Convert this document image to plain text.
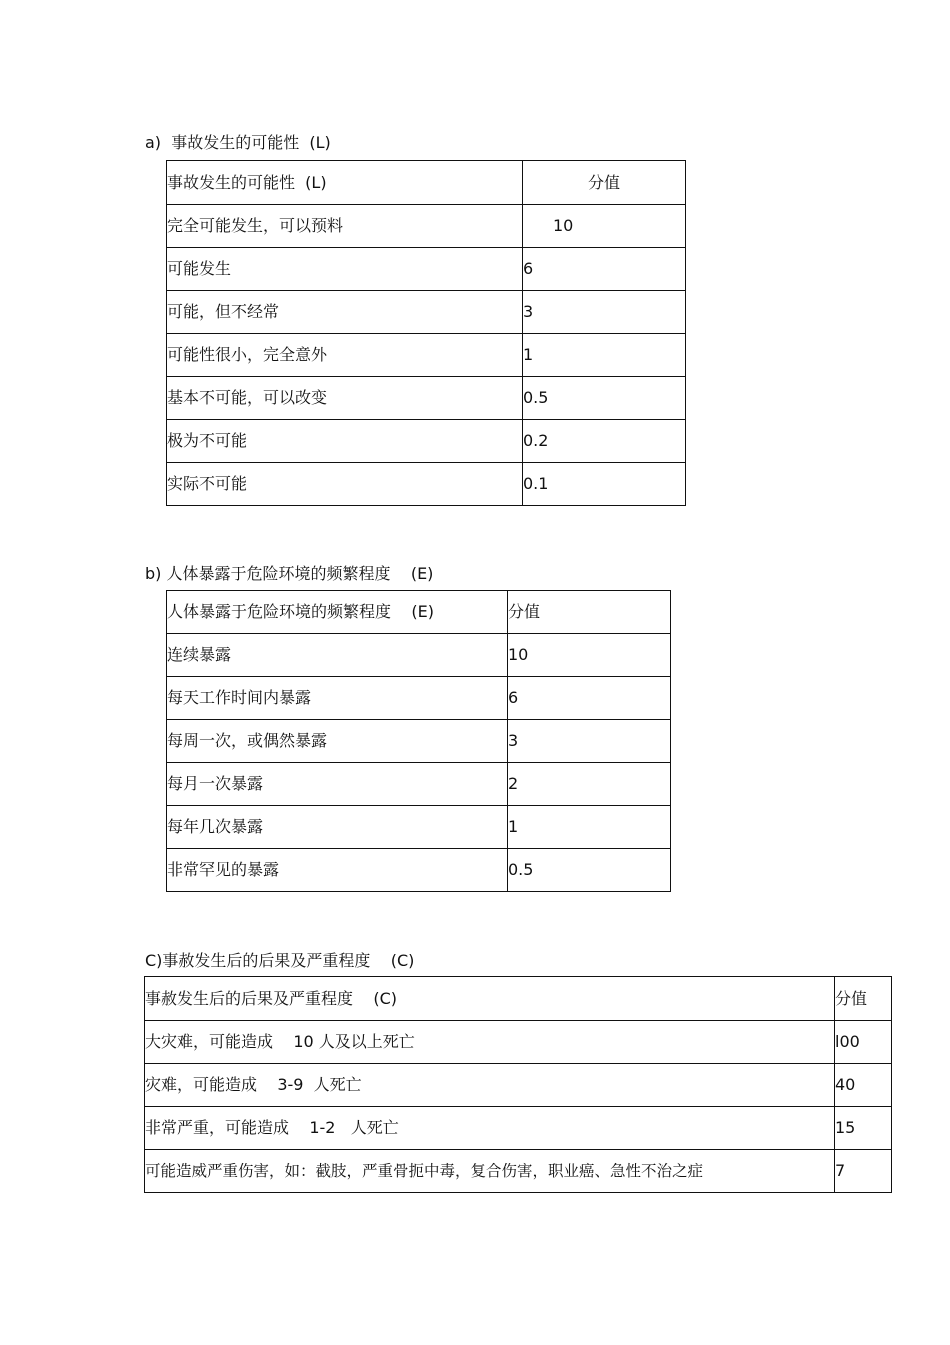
a)  事故发生的可能性  (L)
事故发生的可能性  (L)	分值
完全可能发生，可以预料	10
可能发生	6
可能，但不经常	3
可能性很小，完全意外	1
基本不可能，可以改变	0.5
极为不可能	0.2
实际不可能	0.1
b) 人体暴露于危险环境的频繁程度    (E)
人体暴露于危险环境的频繁程度    (E)	分值
连续暴露	10
每天工作时间内暴露	6
每周一次，或偶然暴露	3
每月一次暴露	2
每年几次暴露	1
非常罕见的暴露	0.5
C)事赦发生后的后果及严重程度    (C)
事赦发生后的后果及严重程度    (C)	分值
大灾难，可能造成    10 人及以上死亡	l00
灾难，可能造成    3-9  人死亡	40
非常严重，可能造成    1-2   人死亡	15
可能造威严重伤害，如：截肢，严重骨扼中毒，复合伤害，职业癌、急性不治之症	7
